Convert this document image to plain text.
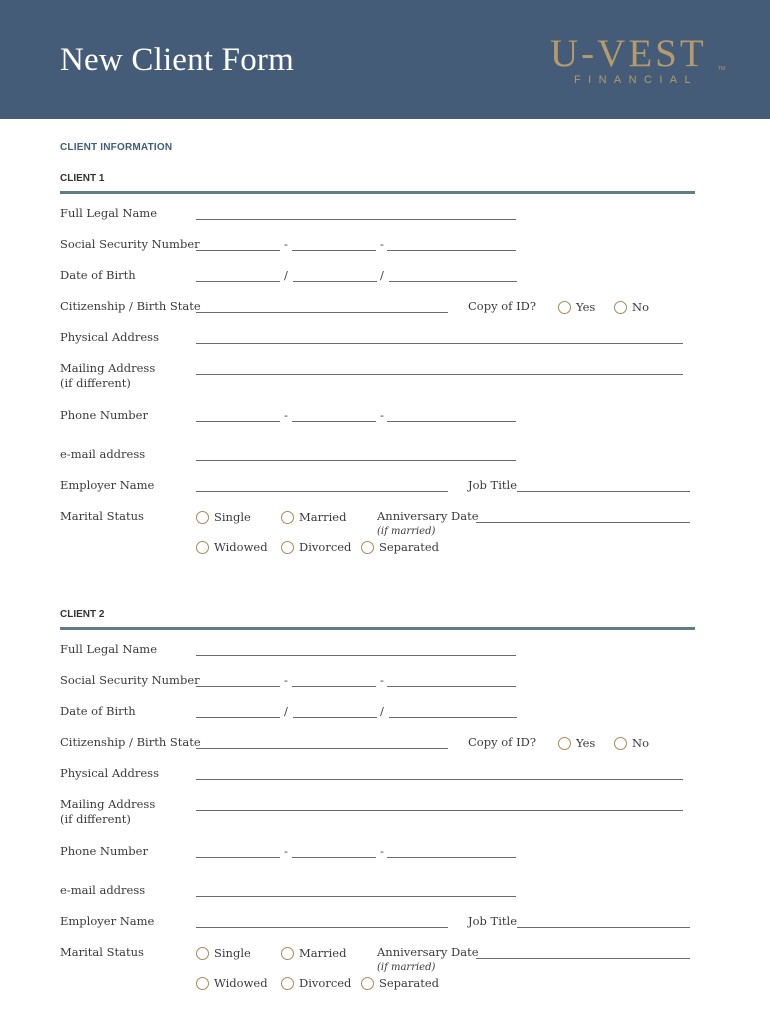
New Client Form	U-VEST TM
FINANCIAL
CLIENT INFORMATION
CLIENT 1
Full Legal Name
Social Security Number	-	-
Date of Birth	/	/
Citizenship / Birth State	Copy of ID?	Yes	No
Physical Address
Mailing Address
(if different)
Phone Number	-	-
e-mail address
Employer Name	Job Title
Marital Status	Single	Married	Anniversary Date
(if married)
Widowed	Divorced Separated
CLIENT 2
Full Legal Name
Social Security Number	-	-
Date of Birth	/	/
Citizenship / Birth State	Copy of ID?	Yes	No
Physical Address
Mailing Address
(if different)
Phone Number	-	-
e-mail address
Employer Name	Job Title
Marital Status	Single	Married	Anniversary Date
(if married)
Widowed	Divorced Separated
